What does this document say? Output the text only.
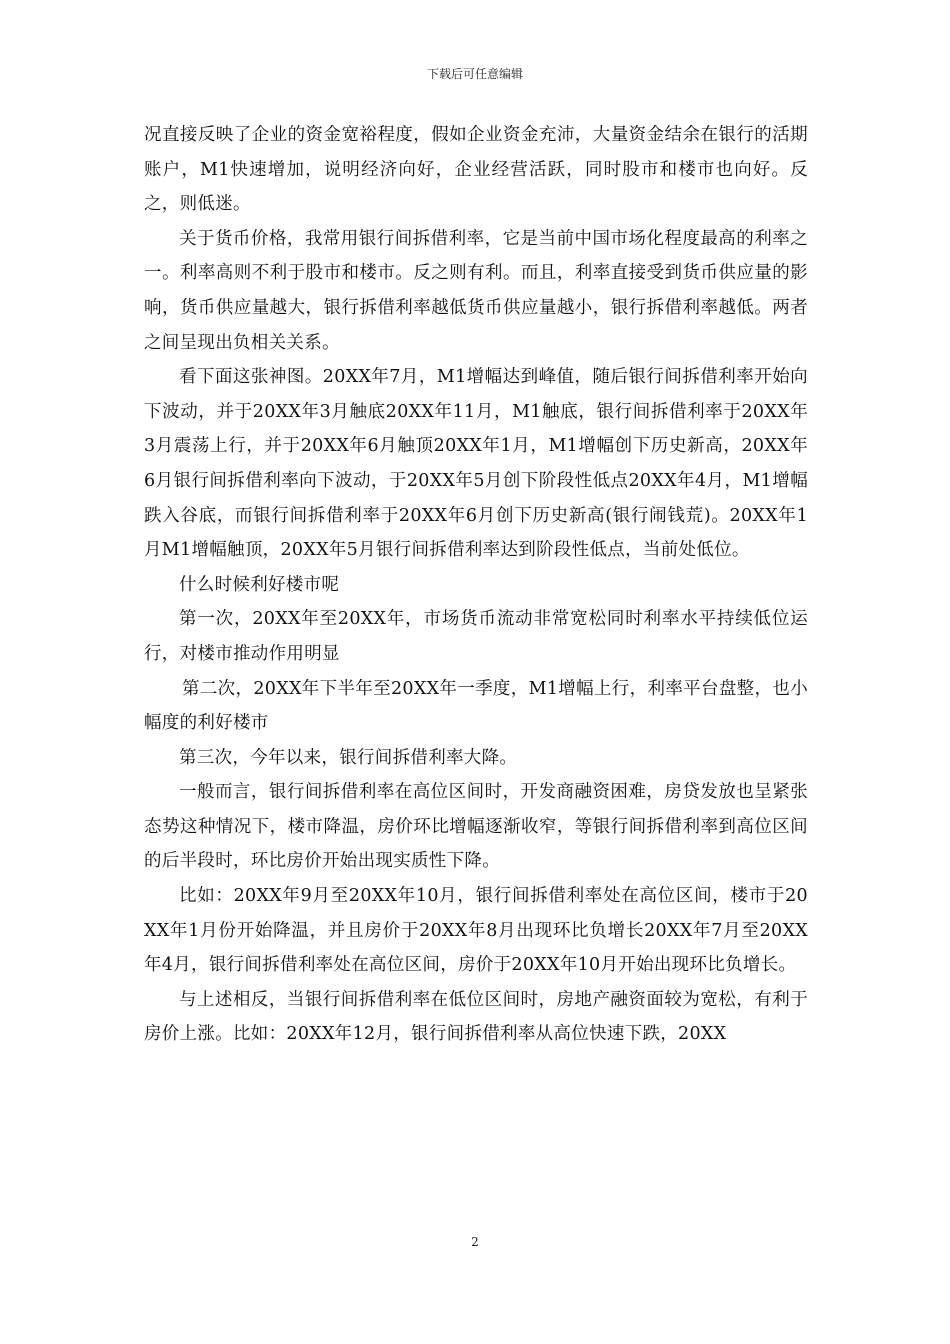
下载后可任意编辑

况直接反映了企业的资金宽裕程度，假如企业资金充沛，大量资金结余在银行的活期账户，M1快速增加，说明经济向好，企业经营活跃，同时股市和楼市也向好。反之，则低迷。

关于货币价格，我常用银行间拆借利率，它是当前中国市场化程度最高的利率之一。利率高则不利于股市和楼市。反之则有利。而且，利率直接受到货币供应量的影响，货币供应量越大，银行拆借利率越低货币供应量越小，银行拆借利率越低。两者之间呈现出负相关关系。

看下面这张神图。20XX年7月，M1增幅达到峰值，随后银行间拆借利率开始向下波动，并于20XX年3月触底20XX年11月，M1触底，银行间拆借利率于20XX年3月震荡上行，并于20XX年6月触顶20XX年1月，M1增幅创下历史新高，20XX年6月银行间拆借利率向下波动，于20XX年5月创下阶段性低点20XX年4月，M1增幅跌入谷底，而银行间拆借利率于20XX年6月创下历史新高(银行闹钱荒)。20XX年1月M1增幅触顶，20XX年5月银行间拆借利率达到阶段性低点，当前处低位。

什么时候利好楼市呢

第一次，20XX年至20XX年，市场货币流动非常宽松同时利率水平持续低位运行，对楼市推动作用明显

第二次，20XX年下半年至20XX年一季度，M1增幅上行，利率平台盘整，也小幅度的利好楼市

第三次，今年以来，银行间拆借利率大降。

一般而言，银行间拆借利率在高位区间时，开发商融资困难，房贷发放也呈紧张态势这种情况下，楼市降温，房价环比增幅逐渐收窄，等银行间拆借利率到高位区间的后半段时，环比房价开始出现实质性下降。

比如：20XX年9月至20XX年10月，银行间拆借利率处在高位区间，楼市于20XX年1月份开始降温，并且房价于20XX年8月出现环比负增长20XX年7月至20XX年4月，银行间拆借利率处在高位区间，房价于20XX年10月开始出现环比负增长。

与上述相反，当银行间拆借利率在低位区间时，房地产融资面较为宽松，有利于房价上涨。比如：20XX年12月，银行间拆借利率从高位快速下跌，20XX

2
